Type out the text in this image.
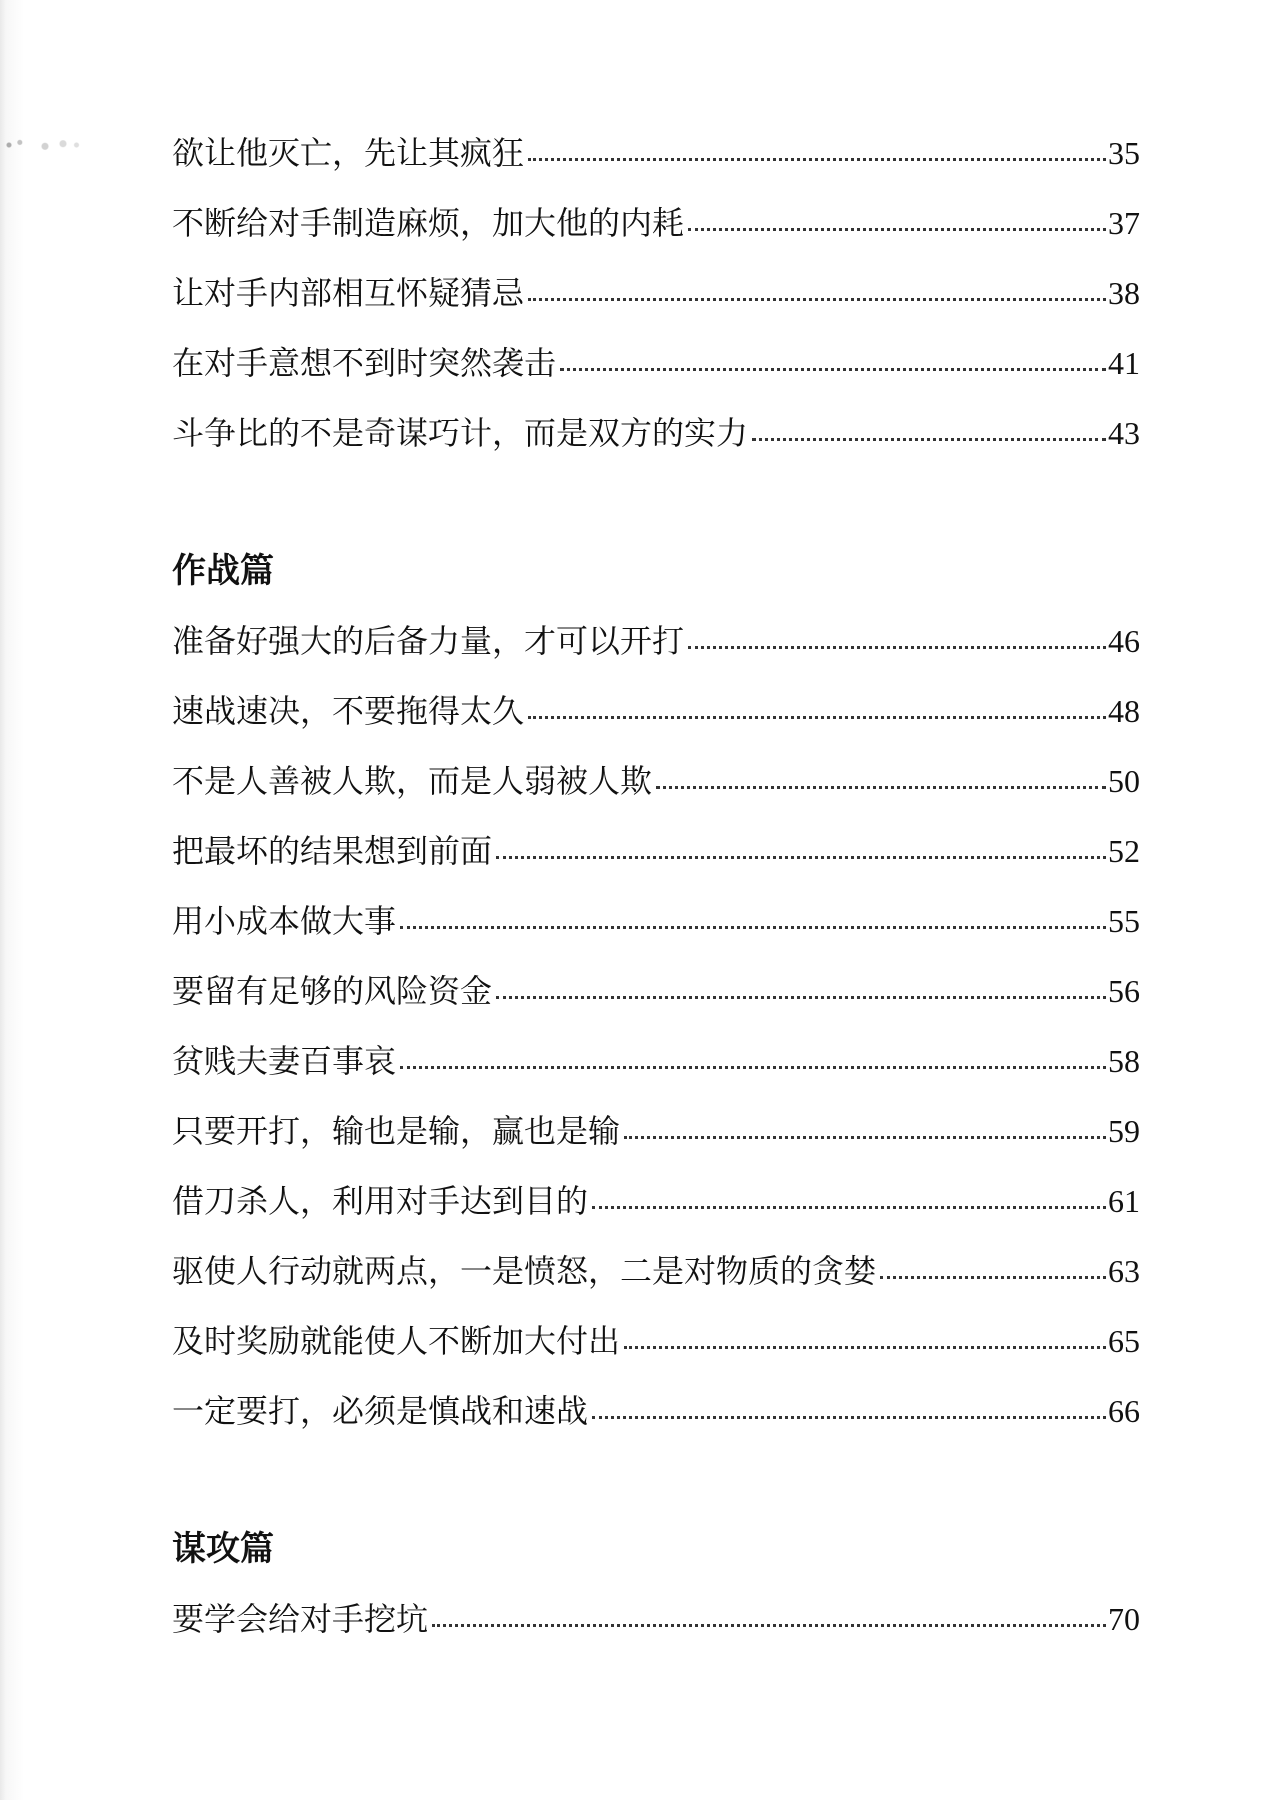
欲让他灭亡，先让其疯狂	35
不断给对手制造麻烦，加大他的内耗	37
让对手内部相互怀疑猜忌	38
在对手意想不到时突然袭击	41
斗争比的不是奇谋巧计，而是双方的实力	43
作战篇
准备好强大的后备力量，才可以开打	46
速战速决，不要拖得太久	48
不是人善被人欺，而是人弱被人欺	50
把最坏的结果想到前面	52
用小成本做大事	55
要留有足够的风险资金	56
贫贱夫妻百事哀	58
只要开打，输也是输，赢也是输	59
借刀杀人，利用对手达到目的	61
驱使人行动就两点，一是愤怒，二是对物质的贪婪	63
及时奖励就能使人不断加大付出	65
一定要打，必须是慎战和速战	66
谋攻篇
要学会给对手挖坑	70
